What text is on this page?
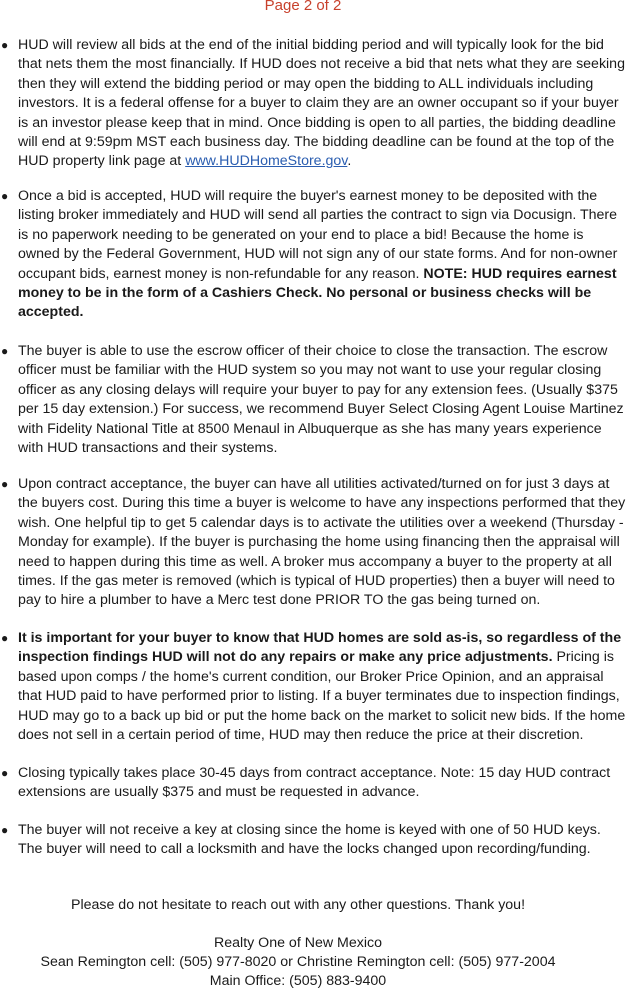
Page 2 of 2
● HUD will review all bids at the end of the initial bidding period and will typically look for the bid
that nets them the most financially. If HUD does not receive a bid that nets what they are seeking
then they will extend the bidding period or may open the bidding to ALL individuals including
investors. It is a federal offense for a buyer to claim they are an owner occupant so if your buyer
is an investor please keep that in mind. Once bidding is open to all parties, the bidding deadline
will end at 9:59pm MST each business day. The bidding deadline can be found at the top of the
HUD property link page at www.HUDHomeStore.gov.
● Once a bid is accepted, HUD will require the buyer's earnest money to be deposited with the
listing broker immediately and HUD will send all parties the contract to sign via Docusign. There
is no paperwork needing to be generated on your end to place a bid! Because the home is
owned by the Federal Government, HUD will not sign any of our state forms. And for non-owner
occupant bids, earnest money is non-refundable for any reason. NOTE: HUD requires earnest
money to be in the form of a Cashiers Check. No personal or business checks will be
accepted.
● The buyer is able to use the escrow officer of their choice to close the transaction. The escrow
officer must be familiar with the HUD system so you may not want to use your regular closing
officer as any closing delays will require your buyer to pay for any extension fees. (Usually $375
per 15 day extension.) For success, we recommend Buyer Select Closing Agent Louise Martinez
with Fidelity National Title at 8500 Menaul in Albuquerque as she has many years experience
with HUD transactions and their systems.
● Upon contract acceptance, the buyer can have all utilities activated/turned on for just 3 days at
the buyers cost. During this time a buyer is welcome to have any inspections performed that they
wish. One helpful tip to get 5 calendar days is to activate the utilities over a weekend (Thursday -
Monday for example). If the buyer is purchasing the home using financing then the appraisal will
need to happen during this time as well. A broker mus accompany a buyer to the property at all
times. If the gas meter is removed (which is typical of HUD properties) then a buyer will need to
pay to hire a plumber to have a Merc test done PRIOR TO the gas being turned on.
● It is important for your buyer to know that HUD homes are sold as-is, so regardless of the
inspection findings HUD will not do any repairs or make any price adjustments. Pricing is
based upon comps / the home's current condition, our Broker Price Opinion, and an appraisal
that HUD paid to have performed prior to listing. If a buyer terminates due to inspection findings,
HUD may go to a back up bid or put the home back on the market to solicit new bids. If the home
does not sell in a certain period of time, HUD may then reduce the price at their discretion.
● Closing typically takes place 30-45 days from contract acceptance. Note: 15 day HUD contract
extensions are usually $375 and must be requested in advance.
● The buyer will not receive a key at closing since the home is keyed with one of 50 HUD keys.
The buyer will need to call a locksmith and have the locks changed upon recording/funding.
Please do not hesitate to reach out with any other questions. Thank you!
Realty One of New Mexico
Sean Remington cell: (505) 977-8020 or Christine Remington cell: (505) 977-2004
Main Office: (505) 883-9400
